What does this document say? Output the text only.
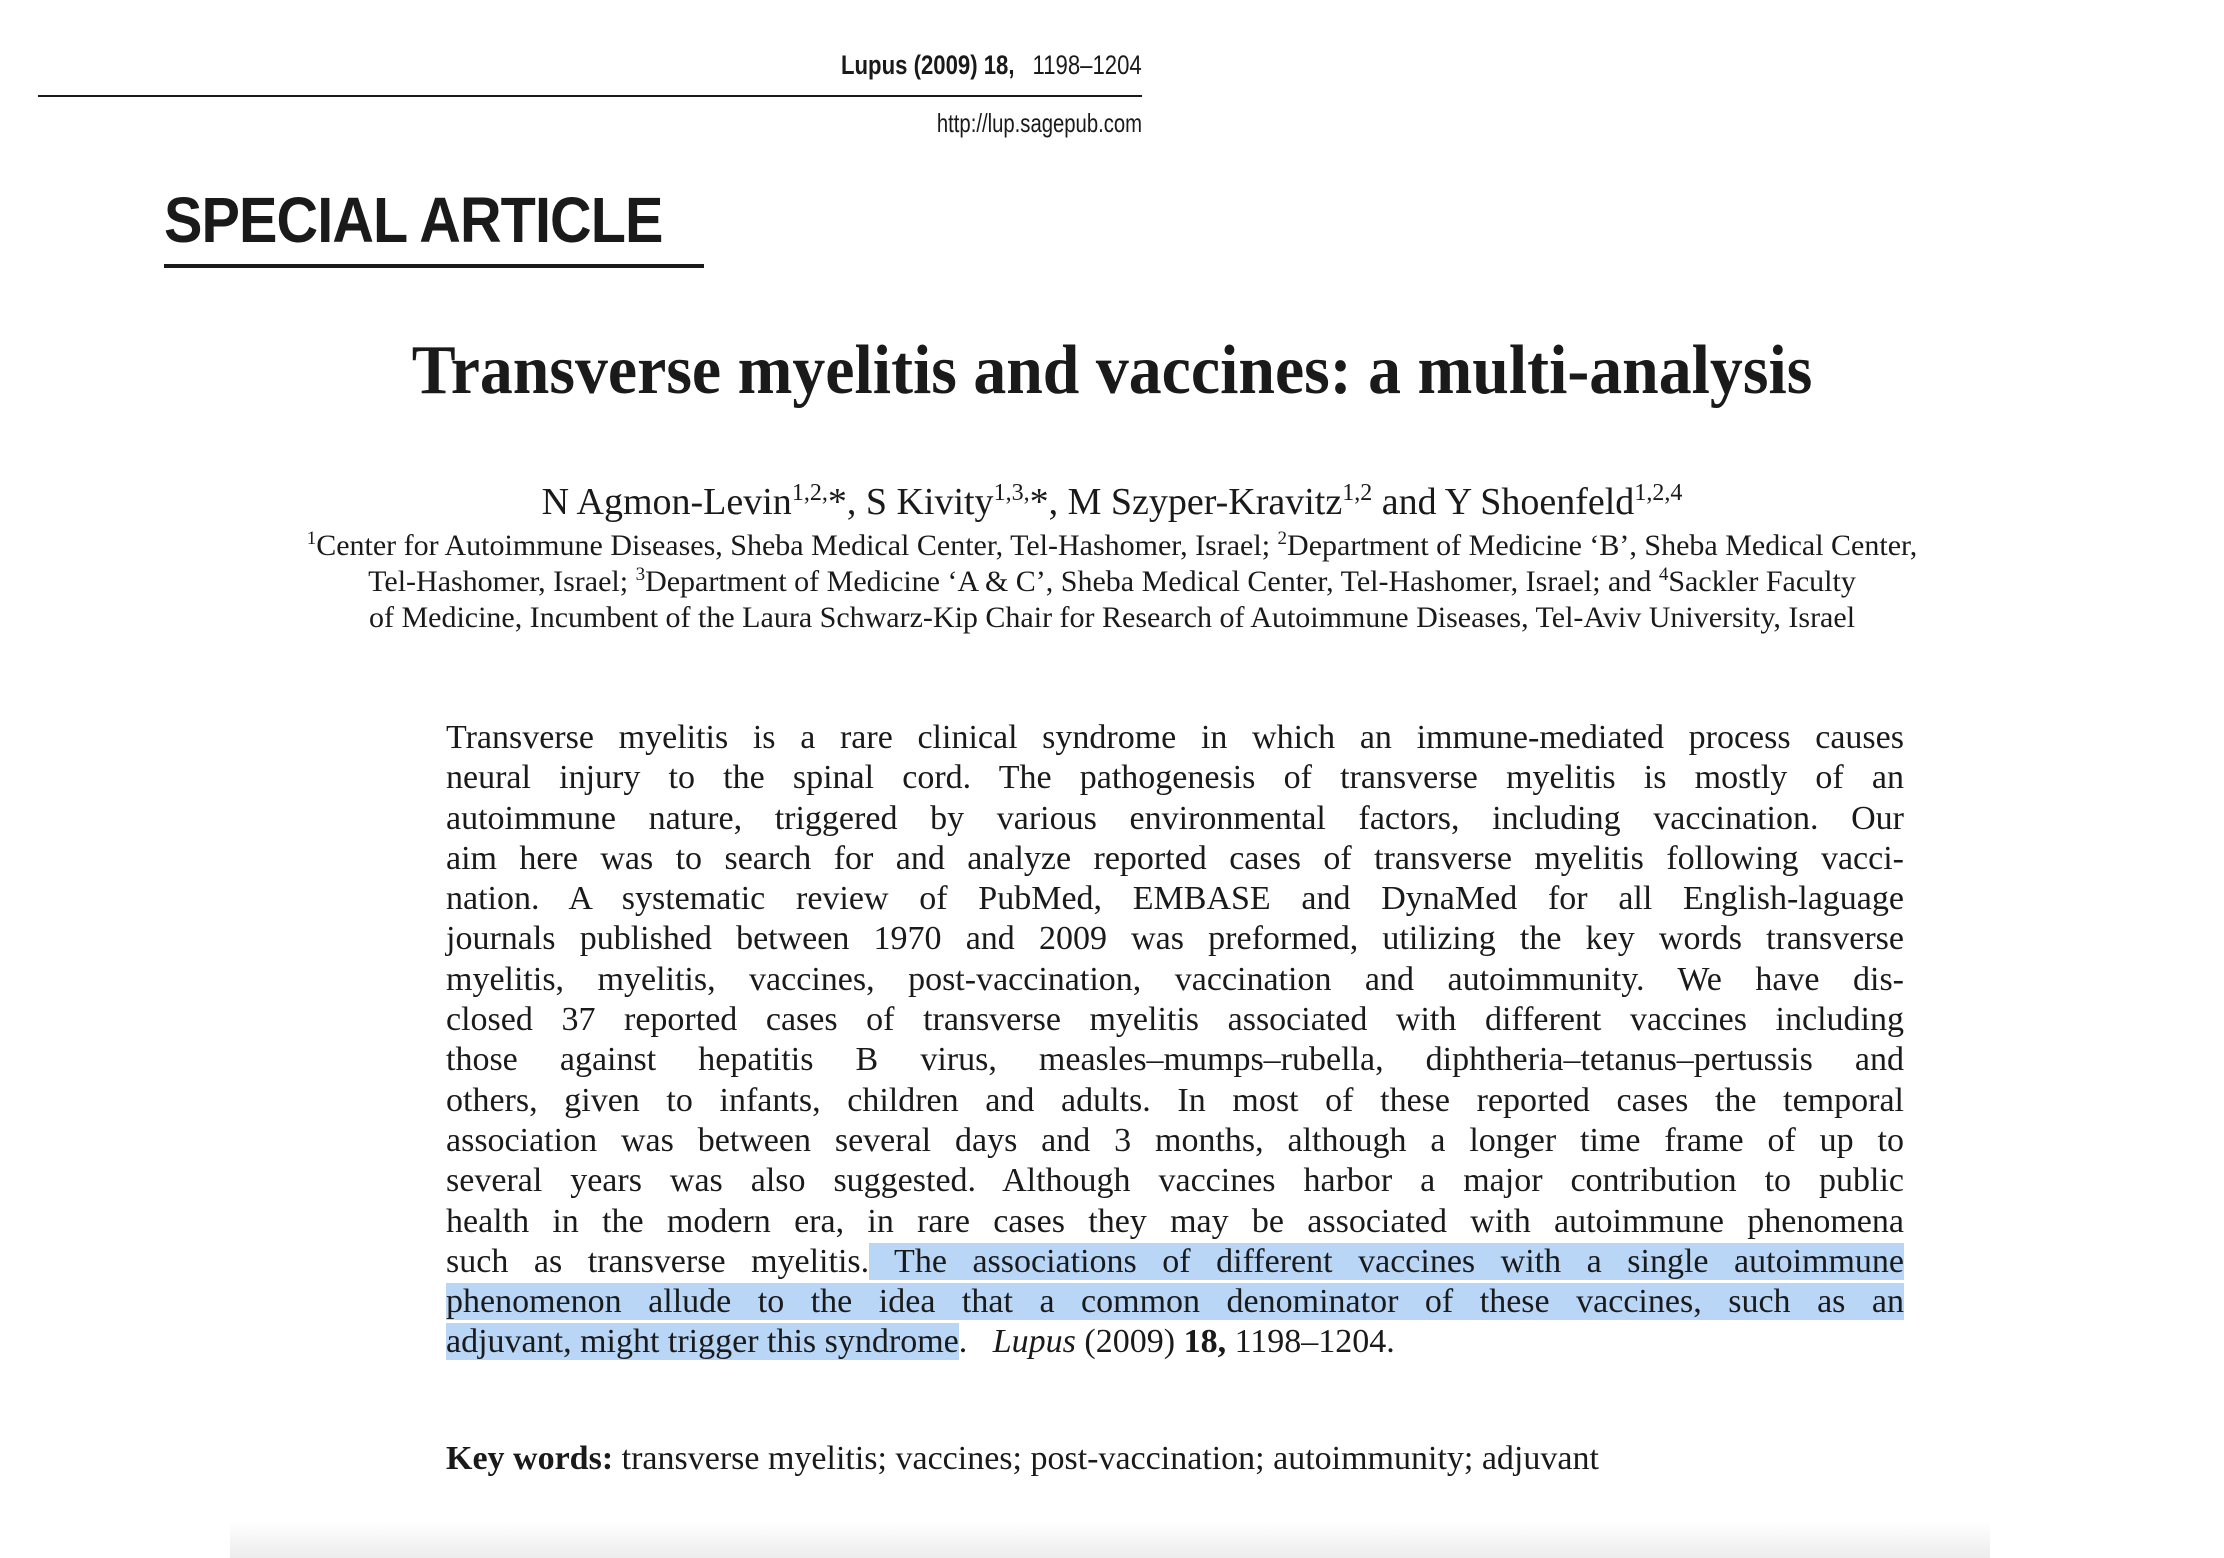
Lupus (2009) 18, 1198–1204
http://lup.sagepub.com
SPECIAL ARTICLE
Transverse myelitis and vaccines: a multi-analysis
N Agmon-Levin$^{1,2,}$*, S Kivity$^{1,3,}$*, M Szyper-Kravitz$^{1,2}$ and Y Shoenfeld$^{1,2,4}$
$^1$Center for Autoimmune Diseases, Sheba Medical Center, Tel-Hashomer, Israel; $^2$Department of Medicine ‘B’, Sheba Medical Center,
Tel-Hashomer, Israel; $^3$Department of Medicine ‘A & C’, Sheba Medical Center, Tel-Hashomer, Israel; and $^4$Sackler Faculty
of Medicine, Incumbent of the Laura Schwarz-Kip Chair for Research of Autoimmune Diseases, Tel-Aviv University, Israel
Transverse myelitis is a rare clinical syndrome in which an immune-mediated process causes
neural injury to the spinal cord. The pathogenesis of transverse myelitis is mostly of an
autoimmune nature, triggered by various environmental factors, including vaccination. Our
aim here was to search for and analyze reported cases of transverse myelitis following vacci-
nation. A systematic review of PubMed, EMBASE and DynaMed for all English-laguage
journals published between 1970 and 2009 was preformed, utilizing the key words transverse
myelitis, myelitis, vaccines, post-vaccination, vaccination and autoimmunity. We have dis-
closed 37 reported cases of transverse myelitis associated with different vaccines including
those against hepatitis B virus, measles–mumps–rubella, diphtheria–tetanus–pertussis and
others, given to infants, children and adults. In most of these reported cases the temporal
association was between several days and 3 months, although a longer time frame of up to
several years was also suggested. Although vaccines harbor a major contribution to public
health in the modern era, in rare cases they may be associated with autoimmune phenomena
such as transverse myelitis. The associations of different vaccines with a single autoimmune
phenomenon allude to the idea that a common denominator of these vaccines, such as an
adjuvant, might trigger this syndrome.   Lupus (2009) 18, 1198–1204.
Key words: transverse myelitis; vaccines; post-vaccination; autoimmunity; adjuvant
